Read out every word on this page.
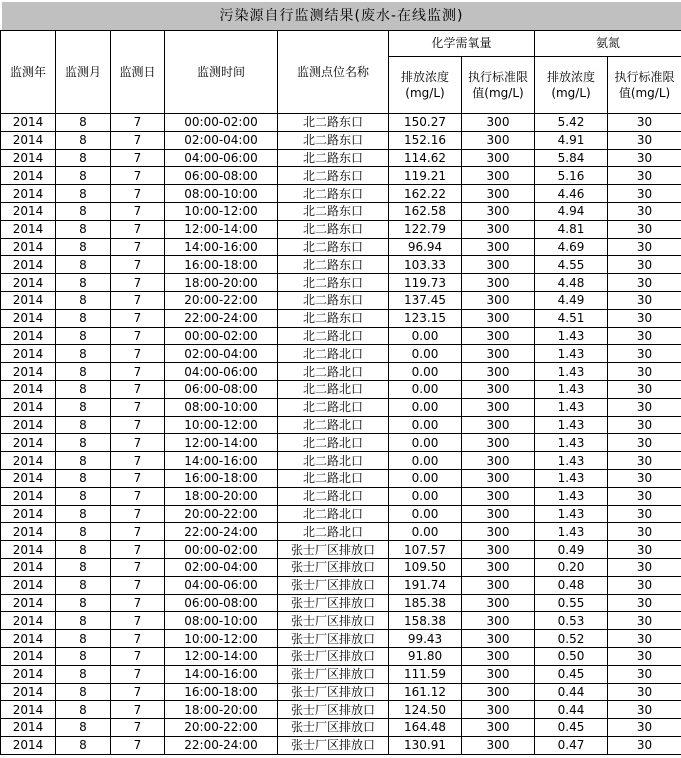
污染源自行监测结果(废水-在线监测)
监测年	监测月	监测日	监测时间	监测点位名称	化学需氧量		氨氮	
					排放浓度(mg/L)	执行标准限值(mg/L)	排放浓度(mg/L)	执行标准限值(mg/L)
2014	8	7	00:00-02:00	北二路东口	150.27	300	5.42	30
2014	8	7	02:00-04:00	北二路东口	152.16	300	4.91	30
2014	8	7	04:00-06:00	北二路东口	114.62	300	5.84	30
2014	8	7	06:00-08:00	北二路东口	119.21	300	5.16	30
2014	8	7	08:00-10:00	北二路东口	162.22	300	4.46	30
2014	8	7	10:00-12:00	北二路东口	162.58	300	4.94	30
2014	8	7	12:00-14:00	北二路东口	122.79	300	4.81	30
2014	8	7	14:00-16:00	北二路东口	96.94	300	4.69	30
2014	8	7	16:00-18:00	北二路东口	103.33	300	4.55	30
2014	8	7	18:00-20:00	北二路东口	119.73	300	4.48	30
2014	8	7	20:00-22:00	北二路东口	137.45	300	4.49	30
2014	8	7	22:00-24:00	北二路东口	123.15	300	4.51	30
2014	8	7	00:00-02:00	北二路北口	0.00	300	1.43	30
2014	8	7	02:00-04:00	北二路北口	0.00	300	1.43	30
2014	8	7	04:00-06:00	北二路北口	0.00	300	1.43	30
2014	8	7	06:00-08:00	北二路北口	0.00	300	1.43	30
2014	8	7	08:00-10:00	北二路北口	0.00	300	1.43	30
2014	8	7	10:00-12:00	北二路北口	0.00	300	1.43	30
2014	8	7	12:00-14:00	北二路北口	0.00	300	1.43	30
2014	8	7	14:00-16:00	北二路北口	0.00	300	1.43	30
2014	8	7	16:00-18:00	北二路北口	0.00	300	1.43	30
2014	8	7	18:00-20:00	北二路北口	0.00	300	1.43	30
2014	8	7	20:00-22:00	北二路北口	0.00	300	1.43	30
2014	8	7	22:00-24:00	北二路北口	0.00	300	1.43	30
2014	8	7	00:00-02:00	张士厂区排放口	107.57	300	0.49	30
2014	8	7	02:00-04:00	张士厂区排放口	109.50	300	0.20	30
2014	8	7	04:00-06:00	张士厂区排放口	191.74	300	0.48	30
2014	8	7	06:00-08:00	张士厂区排放口	185.38	300	0.55	30
2014	8	7	08:00-10:00	张士厂区排放口	158.38	300	0.53	30
2014	8	7	10:00-12:00	张士厂区排放口	99.43	300	0.52	30
2014	8	7	12:00-14:00	张士厂区排放口	91.80	300	0.50	30
2014	8	7	14:00-16:00	张士厂区排放口	111.59	300	0.45	30
2014	8	7	16:00-18:00	张士厂区排放口	161.12	300	0.44	30
2014	8	7	18:00-20:00	张士厂区排放口	124.50	300	0.44	30
2014	8	7	20:00-22:00	张士厂区排放口	164.48	300	0.45	30
2014	8	7	22:00-24:00	张士厂区排放口	130.91	300	0.47	30
